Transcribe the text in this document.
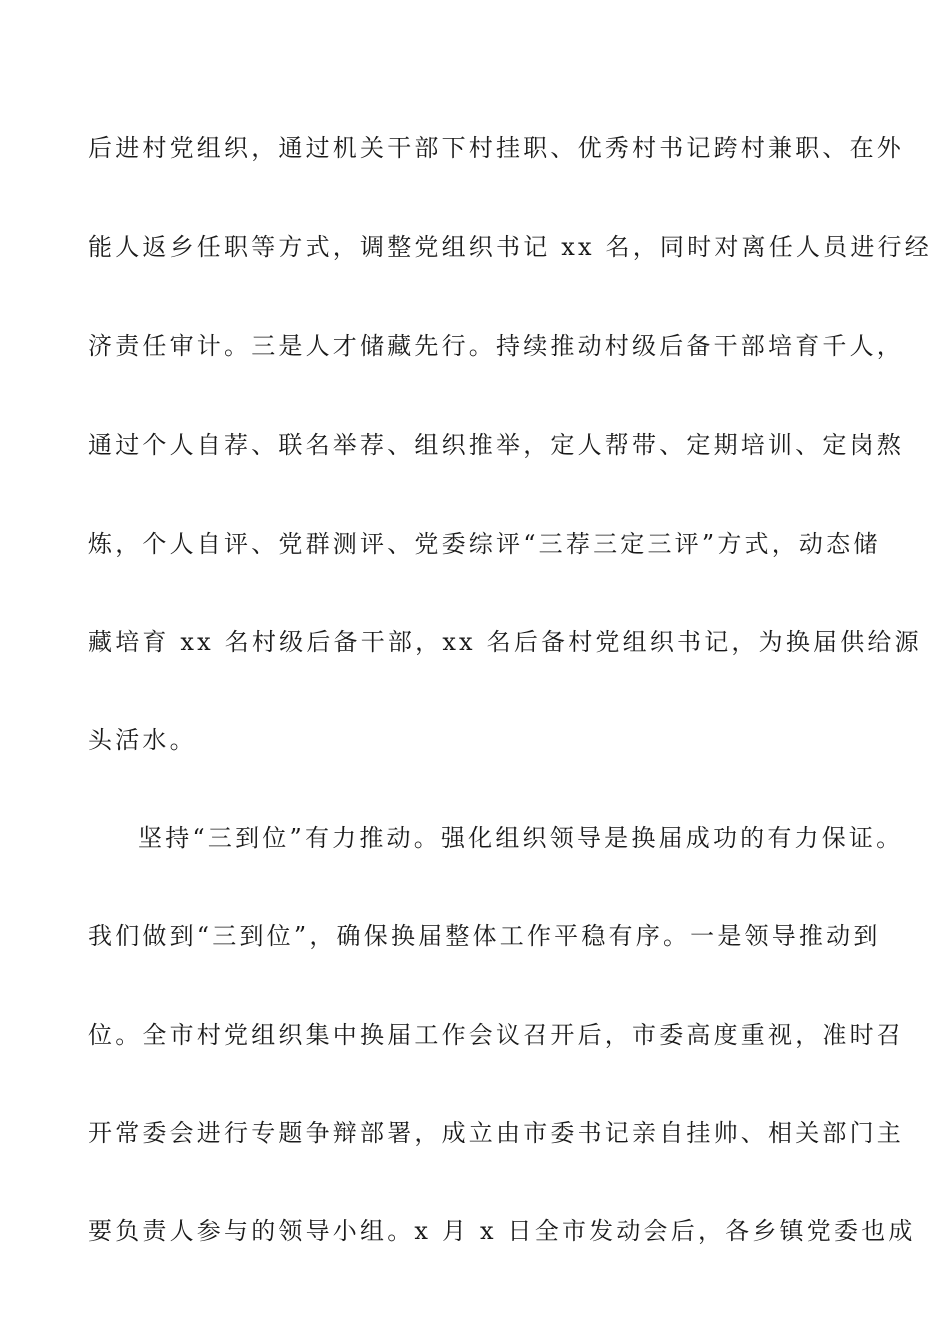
后进村党组织，通过机关干部下村挂职、优秀村书记跨村兼职、在外
能人返乡任职等方式，调整党组织书记 xx 名，同时对离任人员进行经
济责任审计。三是人才储藏先行。持续推动村级后备干部培育千人，
通过个人自荐、联名举荐、组织推举，定人帮带、定期培训、定岗熬
炼，个人自评、党群测评、党委综评“三荐三定三评”方式，动态储
藏培育 xx 名村级后备干部，xx 名后备村党组织书记，为换届供给源
头活水。
坚持“三到位”有力推动。强化组织领导是换届成功的有力保证。
我们做到“三到位”，确保换届整体工作平稳有序。一是领导推动到
位。全市村党组织集中换届工作会议召开后，市委高度重视，准时召
开常委会进行专题争辩部署，成立由市委书记亲自挂帅、相关部门主
要负责人参与的领导小组。x 月 x 日全市发动会后，各乡镇党委也成
